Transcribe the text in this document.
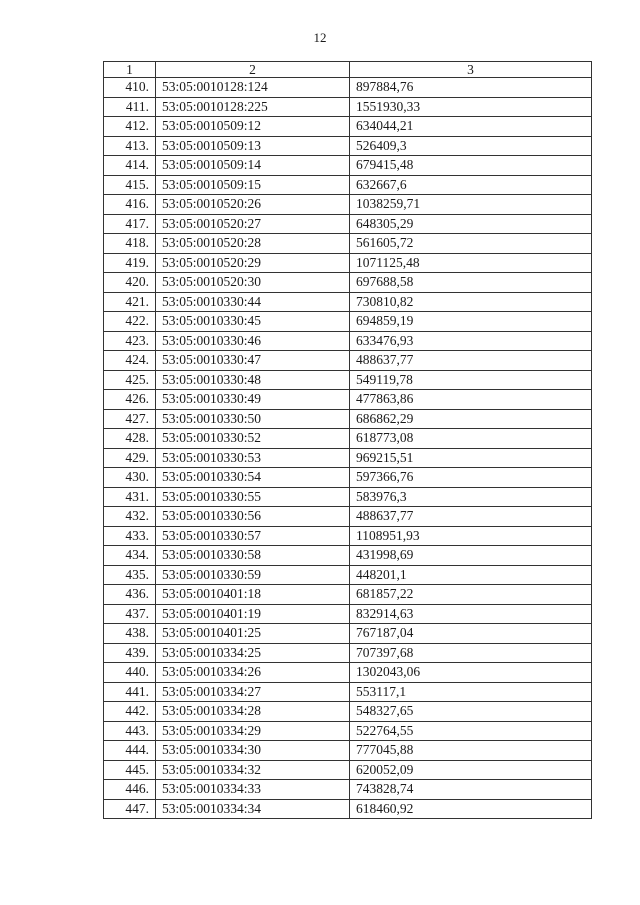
12
1	2	3
410.	53:05:0010128:124	897884,76
411.	53:05:0010128:225	1551930,33
412.	53:05:0010509:12	634044,21
413.	53:05:0010509:13	526409,3
414.	53:05:0010509:14	679415,48
415.	53:05:0010509:15	632667,6
416.	53:05:0010520:26	1038259,71
417.	53:05:0010520:27	648305,29
418.	53:05:0010520:28	561605,72
419.	53:05:0010520:29	1071125,48
420.	53:05:0010520:30	697688,58
421.	53:05:0010330:44	730810,82
422.	53:05:0010330:45	694859,19
423.	53:05:0010330:46	633476,93
424.	53:05:0010330:47	488637,77
425.	53:05:0010330:48	549119,78
426.	53:05:0010330:49	477863,86
427.	53:05:0010330:50	686862,29
428.	53:05:0010330:52	618773,08
429.	53:05:0010330:53	969215,51
430.	53:05:0010330:54	597366,76
431.	53:05:0010330:55	583976,3
432.	53:05:0010330:56	488637,77
433.	53:05:0010330:57	1108951,93
434.	53:05:0010330:58	431998,69
435.	53:05:0010330:59	448201,1
436.	53:05:0010401:18	681857,22
437.	53:05:0010401:19	832914,63
438.	53:05:0010401:25	767187,04
439.	53:05:0010334:25	707397,68
440.	53:05:0010334:26	1302043,06
441.	53:05:0010334:27	553117,1
442.	53:05:0010334:28	548327,65
443.	53:05:0010334:29	522764,55
444.	53:05:0010334:30	777045,88
445.	53:05:0010334:32	620052,09
446.	53:05:0010334:33	743828,74
447.	53:05:0010334:34	618460,92
